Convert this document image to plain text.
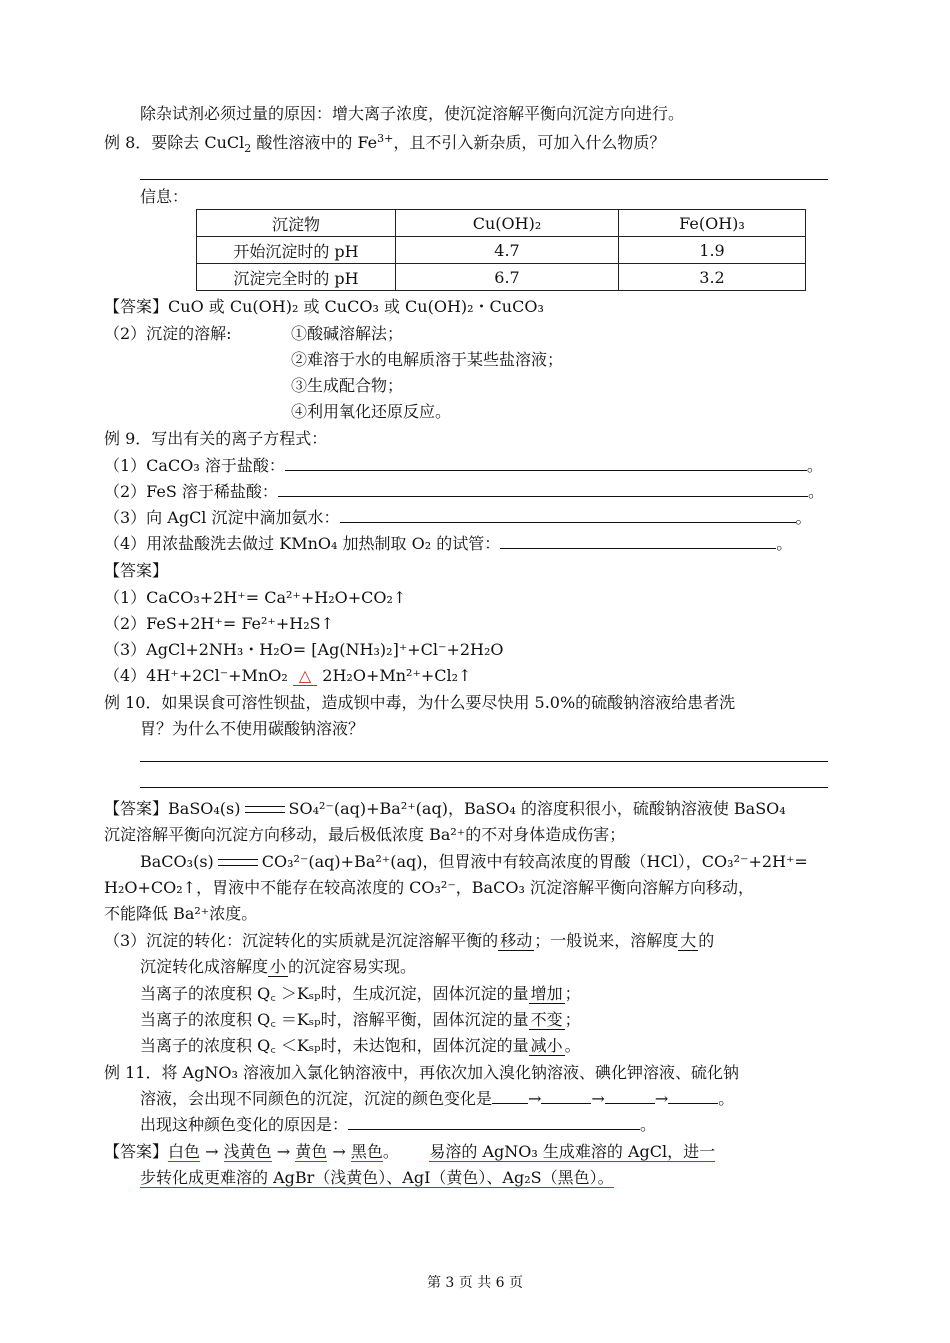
除杂试剂必须过量的原因：增大离子浓度，使沉淀溶解平衡向沉淀方向进行。
例 8．要除去 CuCl$_2$ 酸性溶液中的 $Fe^{3+}$，且不引入新杂质，可加入什么物质？
信息：
沉淀物	Cu(OH)₂	Fe(OH)₃
开始沉淀时的 pH	4.7	1.9
沉淀完全时的 pH	6.7	3.2
【答案】CuO 或 Cu(OH)₂ 或 CuCO₃ 或 Cu(OH)₂・CuCO₃
（2）沉淀的溶解:	①酸碱溶解法；
②难溶于水的电解质溶于某些盐溶液；
③生成配合物；
④利用氧化还原反应。
例 9．写出有关的离子方程式：
（1）CaCO₃ 溶于盐酸：	。
（2）FeS 溶于稀盐酸：	。
（3）向 AgCl 沉淀中滴加氨水：	。
（4）用浓盐酸洗去做过 KMnO₄ 加热制取 O₂ 的试管：	。
【答案】
（1）CaCO₃+2H⁺= Ca²⁺+H₂O+CO₂↑
（2）FeS+2H⁺= Fe²⁺+H₂S↑
（3）AgCl+2NH₃・H₂O= [Ag(NH₃)₂]⁺+Cl⁻+2H₂O
（4）4H⁺+2Cl⁻+MnO₂ △ 2H₂O+Mn²⁺+Cl₂↑
例 10．如果误食可溶性钡盐，造成钡中毒，为什么要尽快用 5.0%的硫酸钠溶液给患者洗
胃？为什么不使用碳酸钠溶液？
【答案】BaSO₄(s)	SO₄²⁻(aq)+Ba²⁺(aq)，BaSO₄ 的溶度积很小，硫酸钠溶液使 BaSO₄
沉淀溶解平衡向沉淀方向移动，最后极低浓度 Ba²⁺的不对身体造成伤害；
BaCO₃(s)	CO₃²⁻(aq)+Ba²⁺(aq)，但胃液中有较高浓度的胃酸（HCl），CO₃²⁻+2H⁺=
H₂O+CO₂↑，胃液中不能存在较高浓度的 CO₃²⁻，BaCO₃ 沉淀溶解平衡向溶解方向移动，
不能降低 Ba²⁺浓度。
（3）沉淀的转化：沉淀转化的实质就是沉淀溶解平衡的 移动 ；一般说来，溶解度 大 的
沉淀转化成溶解度 小 的沉淀容易实现。
当离子的浓度积 Q꜀ ＞Kₛₚ时，生成沉淀，固体沉淀的量 增加 ；
当离子的浓度积 Q꜀ ＝Kₛₚ时，溶解平衡，固体沉淀的量 不变 ；
当离子的浓度积 Q꜀ ＜Kₛₚ时，未达饱和，固体沉淀的量 减小 。
例 11．将 AgNO₃ 溶液加入氯化钠溶液中，再依次加入溴化钠溶液、碘化钾溶液、硫化钠
溶液，会出现不同颜色的沉淀，沉淀的颜色变化是 →	→	→	。
出现这种颜色变化的原因是：	。
【答案】白色 → 浅黄色 → 黄色 → 黑色。 易溶的 AgNO₃ 生成难溶的 AgCl，进一
步转化成更难溶的 AgBr（浅黄色）、AgI（黄色）、Ag₂S（黑色）。
第 3 页 共 6 页
